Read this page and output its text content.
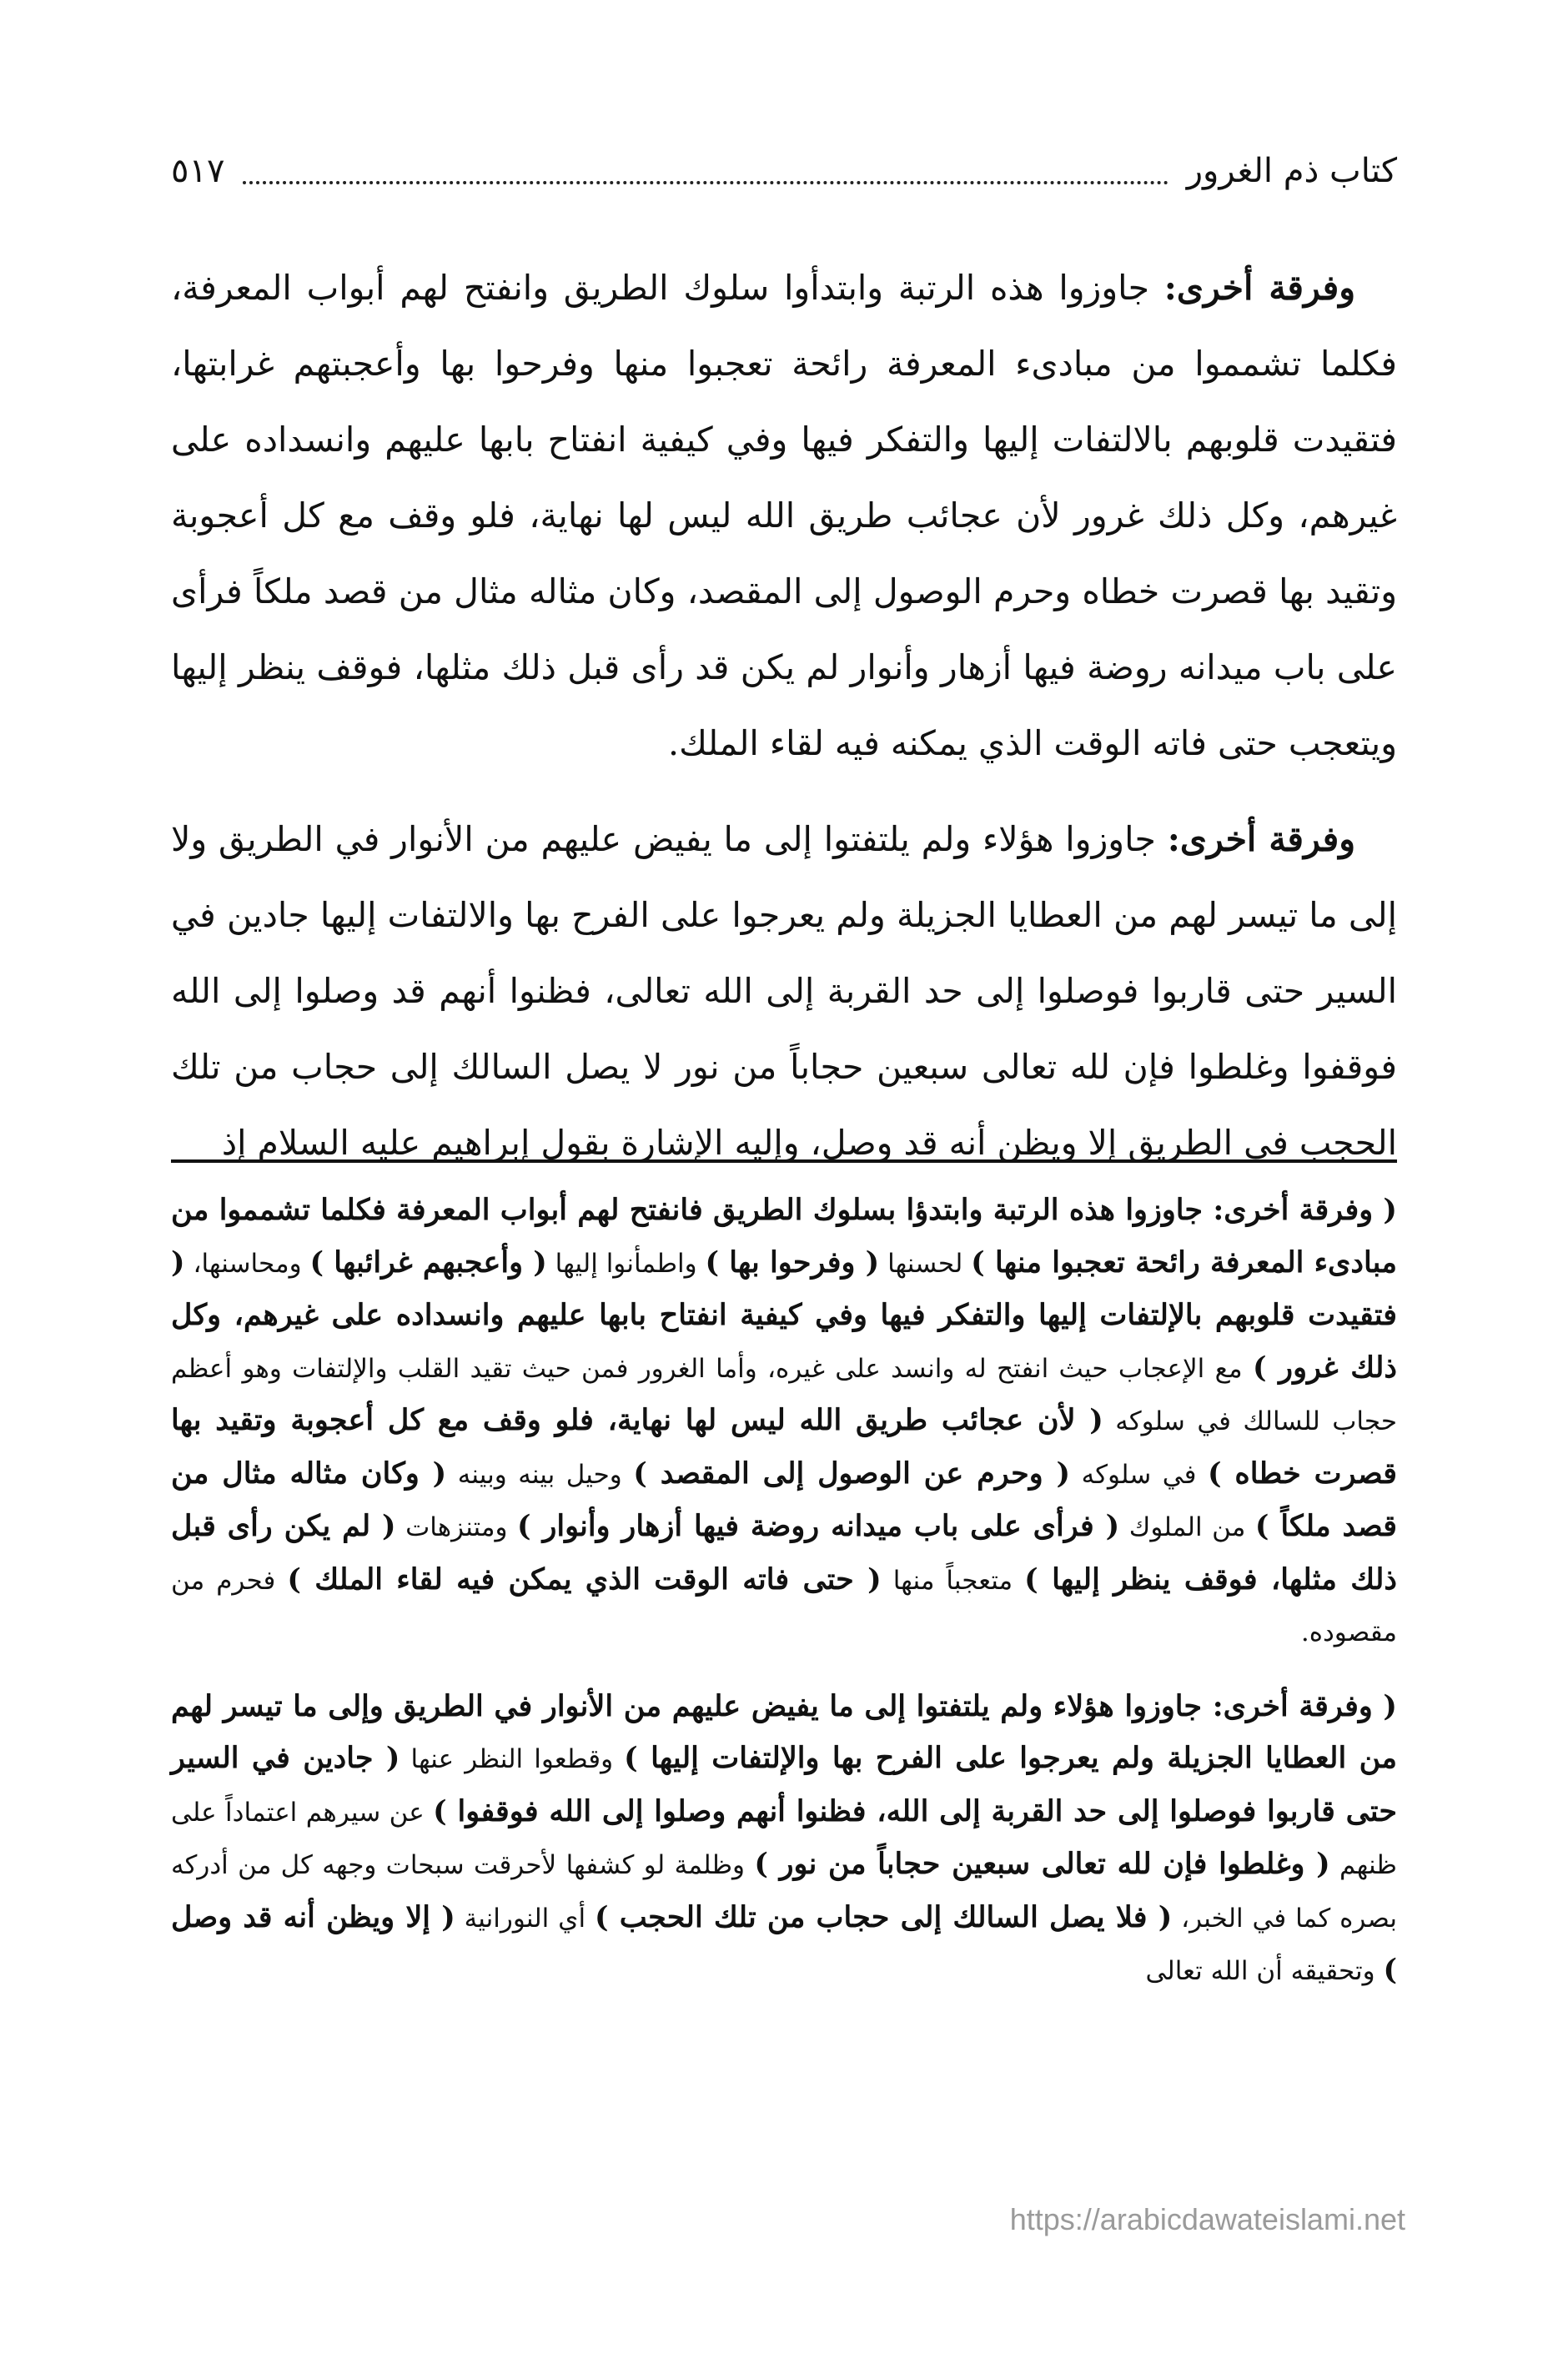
كتاب ذم الغرور
٥١٧

وفرقة أخرى: جاوزوا هذه الرتبة وابتدأوا سلوك الطريق وانفتح لهم أبواب المعرفة، فكلما تشمموا من مبادىء المعرفة رائحة تعجبوا منها وفرحوا بها وأعجبتهم غرابتها، فتقيدت قلوبهم بالالتفات إليها والتفكر فيها وفي كيفية انفتاح بابها عليهم وانسداده على غيرهم، وكل ذلك غرور لأن عجائب طريق الله ليس لها نهاية، فلو وقف مع كل أعجوبة وتقيد بها قصرت خطاه وحرم الوصول إلى المقصد، وكان مثاله مثال من قصد ملكاً فرأى على باب ميدانه روضة فيها أزهار وأنوار لم يكن قد رأى قبل ذلك مثلها، فوقف ينظر إليها ويتعجب حتى فاته الوقت الذي يمكنه فيه لقاء الملك.

وفرقة أخرى: جاوزوا هؤلاء ولم يلتفتوا إلى ما يفيض عليهم من الأنوار في الطريق ولا إلى ما تيسر لهم من العطايا الجزيلة ولم يعرجوا على الفرح بها والالتفات إليها جادين في السير حتى قاربوا فوصلوا إلى حد القربة إلى الله تعالى، فظنوا أنهم قد وصلوا إلى الله فوقفوا وغلطوا فإن لله تعالى سبعين حجاباً من نور لا يصل السالك إلى حجاب من تلك الحجب في الطريق إلا ويظن أنه قد وصل، وإليه الإشارة بقول إبراهيم عليه السلام إذ

( وفرقة أخرى: جاوزوا هذه الرتبة وابتدؤا بسلوك الطريق فانفتح لهم أبواب المعرفة فكلما تشمموا من مبادىء المعرفة رائحة تعجبوا منها ) لحسنها ( وفرحوا بها ) واطمأنوا إليها ( وأعجبهم غرائبها ) ومحاسنها، ( فتقيدت قلوبهم بالإلتفات إليها والتفكر فيها وفي كيفية انفتاح بابها عليهم وانسداده على غيرهم، وكل ذلك غرور ) مع الإعجاب حيث انفتح له وانسد على غيره، وأما الغرور فمن حيث تقيد القلب والإلتفات وهو أعظم حجاب للسالك في سلوكه ( لأن عجائب طريق الله ليس لها نهاية، فلو وقف مع كل أعجوبة وتقيد بها قصرت خطاه ) في سلوكه ( وحرم عن الوصول إلى المقصد ) وحيل بينه وبينه ( وكان مثاله مثال من قصد ملكاً ) من الملوك ( فرأى على باب ميدانه روضة فيها أزهار وأنوار ) ومتنزهات ( لم يكن رأى قبل ذلك مثلها، فوقف ينظر إليها ) متعجباً منها ( حتى فاته الوقت الذي يمكن فيه لقاء الملك ) فحرم من مقصوده.

( وفرقة أخرى: جاوزوا هؤلاء ولم يلتفتوا إلى ما يفيض عليهم من الأنوار في الطريق وإلى ما تيسر لهم من العطايا الجزيلة ولم يعرجوا على الفرح بها والإلتفات إليها ) وقطعوا النظر عنها ( جادين في السير حتى قاربوا فوصلوا إلى حد القربة إلى الله، فظنوا أنهم وصلوا إلى الله فوقفوا ) عن سيرهم اعتماداً على ظنهم ( وغلطوا فإن لله تعالى سبعين حجاباً من نور ) وظلمة لو كشفها لأحرقت سبحات وجهه كل من أدركه بصره كما في الخبر، ( فلا يصل السالك إلى حجاب من تلك الحجب ) أي النورانية ( إلا ويظن أنه قد وصل ) وتحقيقه أن الله تعالى

https://arabicdawateislami.net
